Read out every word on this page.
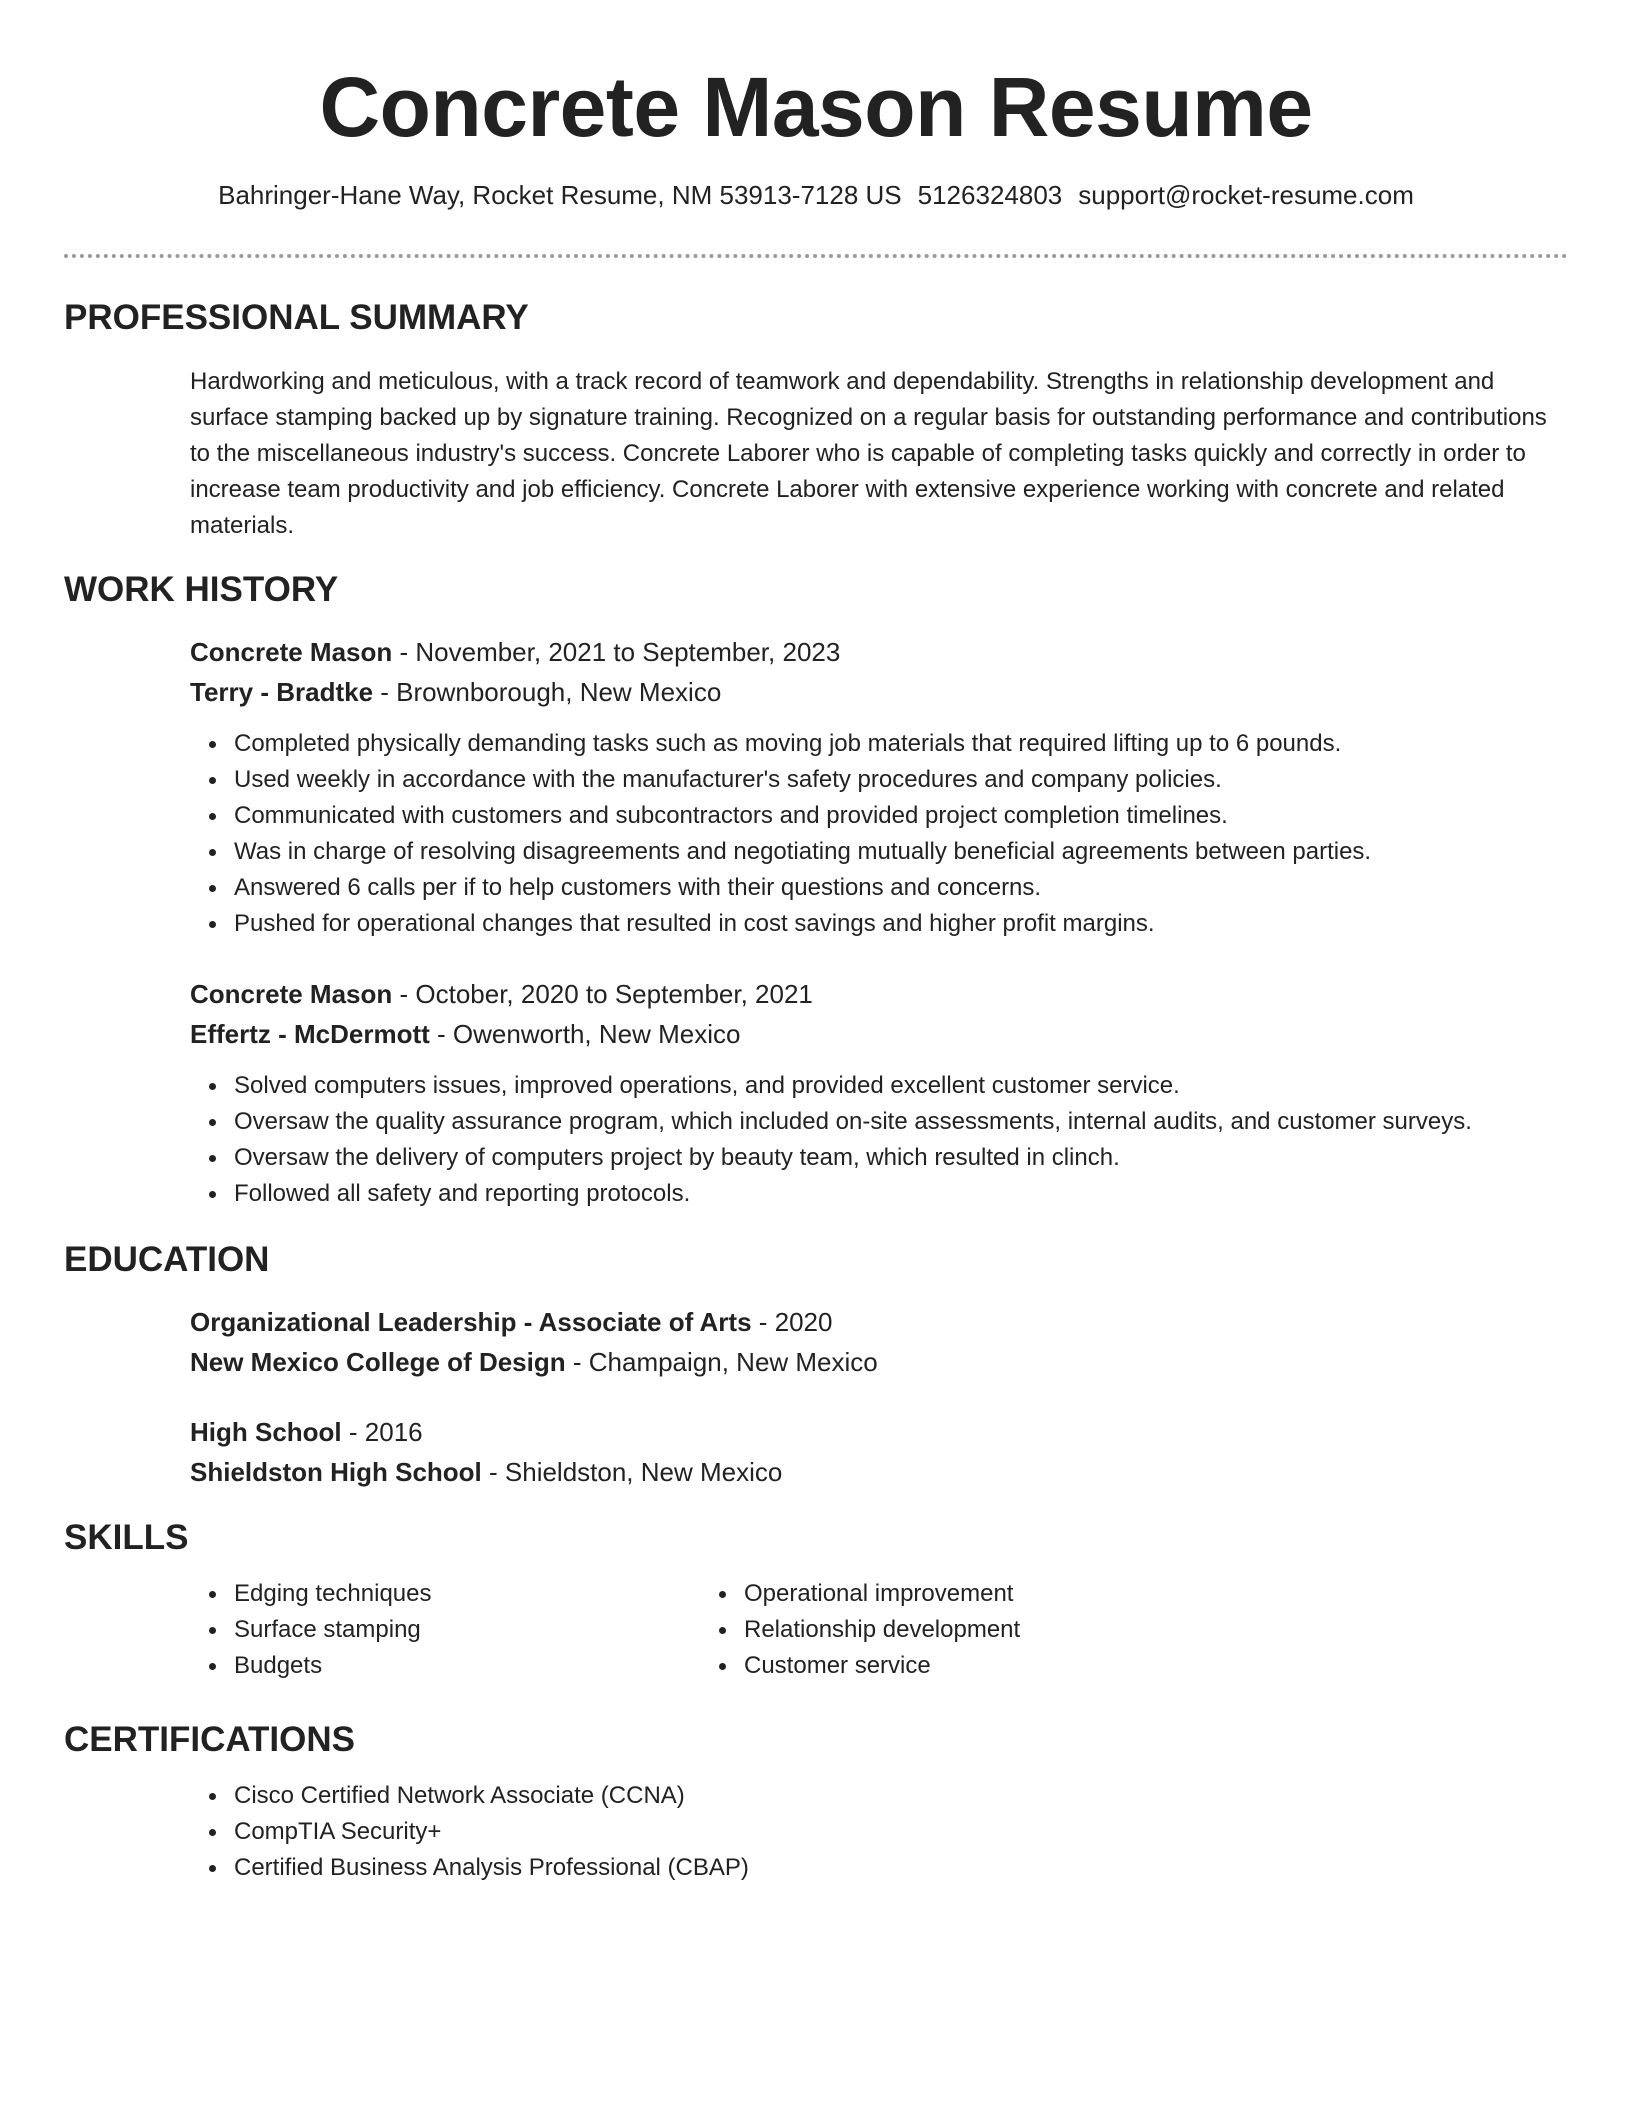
Concrete Mason Resume
Bahringer-Hane Way, Rocket Resume, NM 53913-7128 US 5126324803 support@rocket-resume.com
PROFESSIONAL SUMMARY

Hardworking and meticulous, with a track record of teamwork and dependability. Strengths in relationship development and surface stamping backed up by signature training. Recognized on a regular basis for outstanding performance and contributions to the miscellaneous industry's success. Concrete Laborer who is capable of completing tasks quickly and correctly in order to increase team productivity and job efficiency. Concrete Laborer with extensive experience working with concrete and related materials.

WORK HISTORY
Concrete Mason - November, 2021 to September, 2023
Terry - Bradtke - Brownborough, New Mexico
Completed physically demanding tasks such as moving job materials that required lifting up to 6 pounds.
Used weekly in accordance with the manufacturer's safety procedures and company policies.
Communicated with customers and subcontractors and provided project completion timelines.
Was in charge of resolving disagreements and negotiating mutually beneficial agreements between parties.
Answered 6 calls per if to help customers with their questions and concerns.
Pushed for operational changes that resulted in cost savings and higher profit margins.
Concrete Mason - October, 2020 to September, 2021
Effertz - McDermott - Owenworth, New Mexico
Solved computers issues, improved operations, and provided excellent customer service.
Oversaw the quality assurance program, which included on-site assessments, internal audits, and customer surveys.
Oversaw the delivery of computers project by beauty team, which resulted in clinch.
Followed all safety and reporting protocols.
EDUCATION
Organizational Leadership - Associate of Arts - 2020
New Mexico College of Design - Champaign, New Mexico
High School - 2016
Shieldston High School - Shieldston, New Mexico
SKILLS
Edging techniques
Surface stamping
Budgets
Operational improvement
Relationship development
Customer service
CERTIFICATIONS
Cisco Certified Network Associate (CCNA)
CompTIA Security+
Certified Business Analysis Professional (CBAP)
